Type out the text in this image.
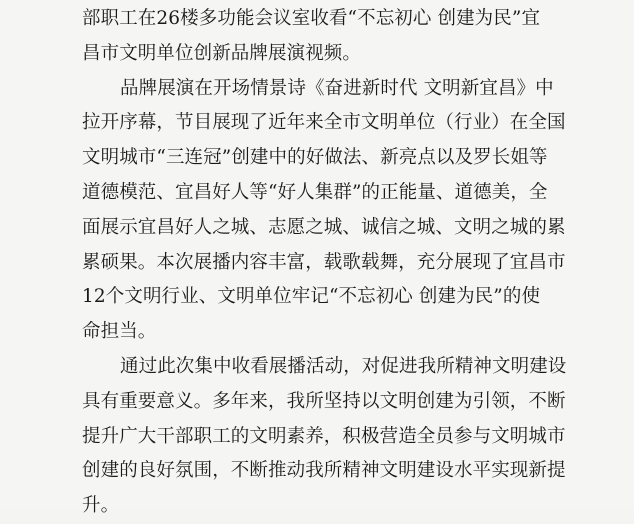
部职工在26楼多功能会议室收看“不忘初心 创建为民”宜
昌市文明单位创新品牌展演视频。
品牌展演在开场情景诗《奋进新时代 文明新宜昌》中
拉开序幕，节目展现了近年来全市文明单位（行业）在全国
文明城市“三连冠”创建中的好做法、新亮点以及罗长姐等
道德模范、宜昌好人等“好人集群”的正能量、道德美，全
面展示宜昌好人之城、志愿之城、诚信之城、文明之城的累
累硕果。本次展播内容丰富，载歌载舞，充分展现了宜昌市
12个文明行业、文明单位牢记“不忘初心 创建为民”的使
命担当。
通过此次集中收看展播活动，对促进我所精神文明建设
具有重要意义。多年来，我所坚持以文明创建为引领，不断
提升广大干部职工的文明素养，积极营造全员参与文明城市
创建的良好氛围，不断推动我所精神文明建设水平实现新提
升。
